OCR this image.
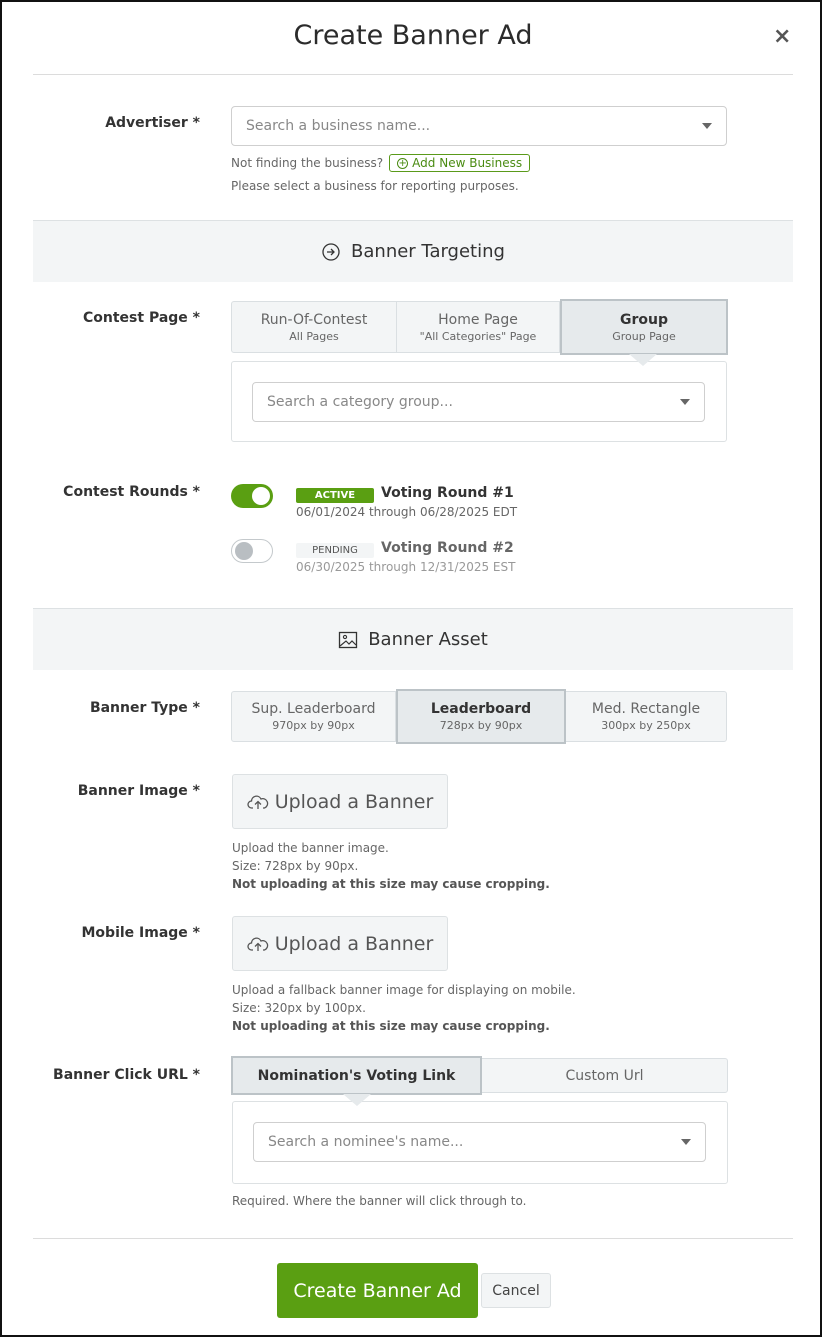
Create Banner Ad	×
Advertiser *	Search a business name...
Not finding the business? + Add New Business
Please select a business for reporting purposes.
Banner Targeting
Contest Page *	Run-Of-Contest
All Pages
Home Page
"All Categories" Page
Group
Group Page
Search a category group...
Contest Rounds *	ACTIVE	Voting Round #1
06/01/2024 through 06/28/2025 EDT
PENDING	Voting Round #2
06/30/2025 through 12/31/2025 EST
Banner Asset
Banner Type *	Sup. Leaderboard
970px by 90px
Leaderboard
728px by 90px
Med. Rectangle
300px by 250px
Banner Image *	Upload a Banner
Upload the banner image.
Size: 728px by 90px.
Not uploading at this size may cause cropping.
Mobile Image *	Upload a Banner
Upload a fallback banner image for displaying on mobile.
Size: 320px by 100px.
Not uploading at this size may cause cropping.
Banner Click URL *	Nomination's Voting Link	Custom Url
Search a nominee's name...
Required. Where the banner will click through to.
Create Banner Ad	Cancel
